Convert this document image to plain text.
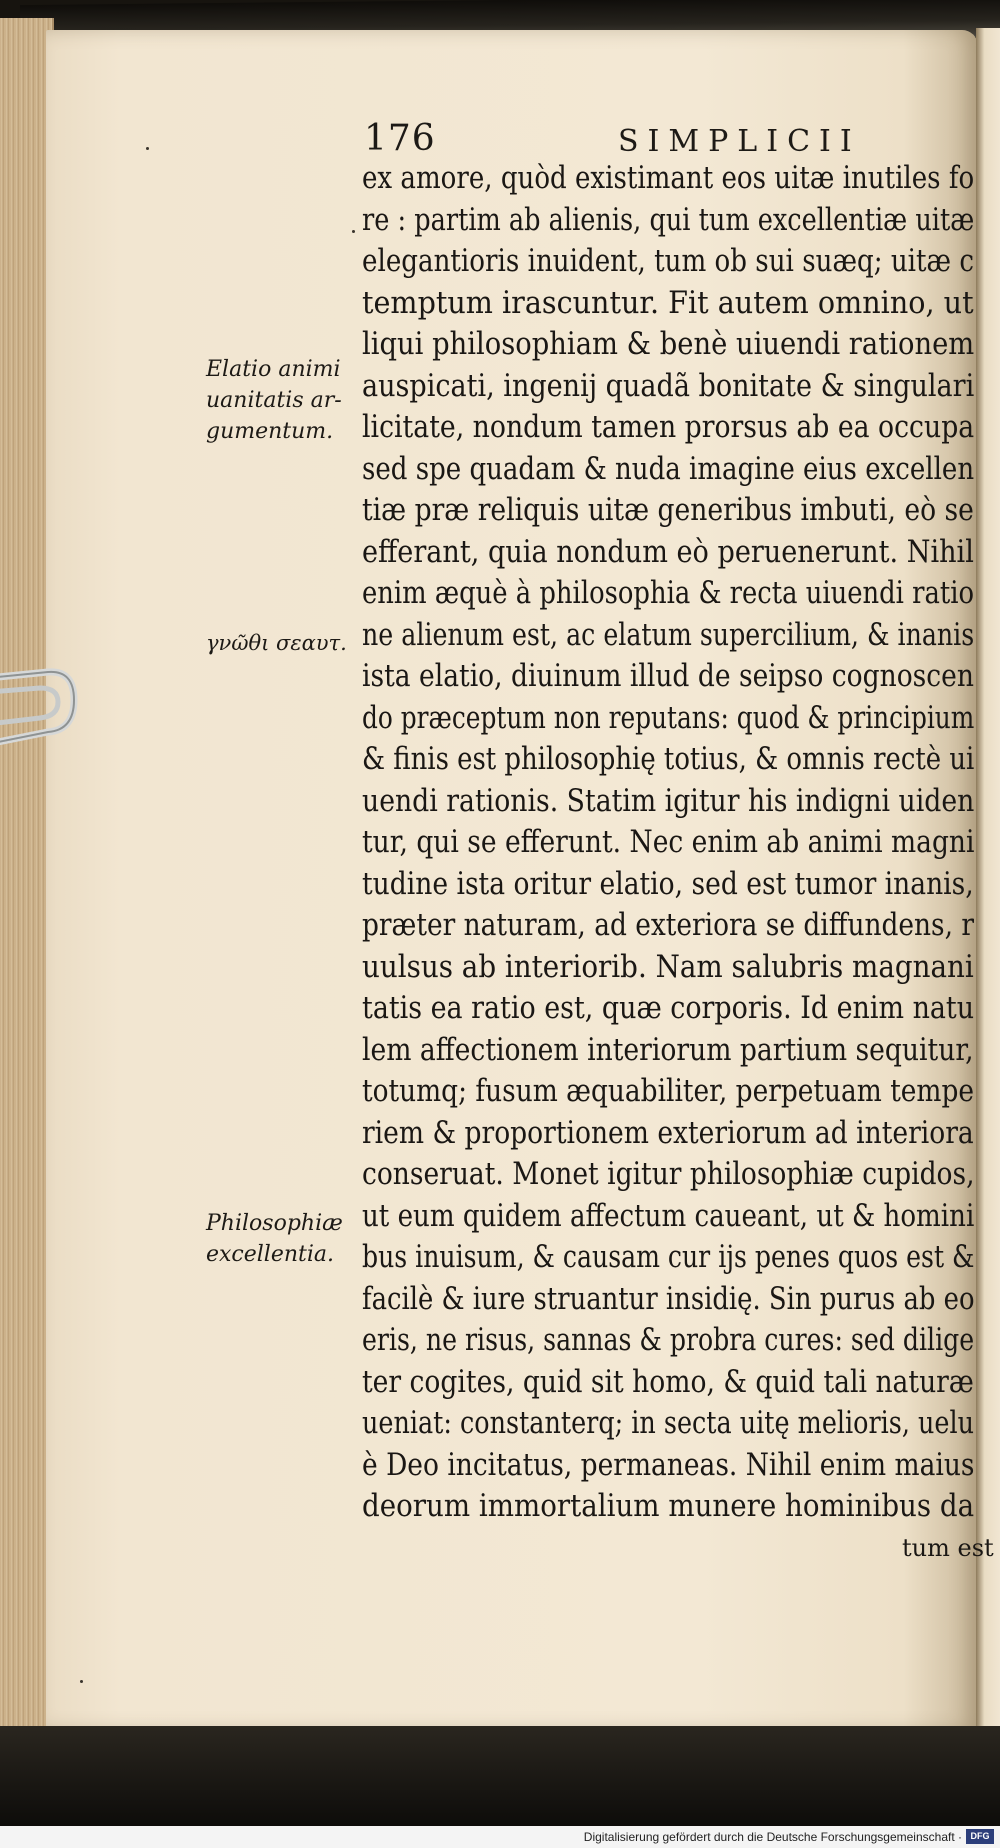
176	SIMPLICII
ex amore, quòd existimant eos uitæ inutiles fo
re : partim ab alienis, qui tum excellentiæ uitæ
elegantioris inuident, tum ob sui suæq; uitæ c
temptum irascuntur. Fit autem omnino, ut
liqui philosophiam & benè uiuendi rationem
auspicati, ingenij quadã bonitate & singulari
licitate, nondum tamen prorsus ab ea occupa
sed spe quadam & nuda imagine eius excellen
tiæ præ reliquis uitæ generibus imbuti, eò se
efferant, quia nondum eò peruenerunt. Nihil
enim æquè à philosophia & recta uiuendi ratio
ne alienum est, ac elatum supercilium, & inanis
ista elatio, diuinum illud de seipso cognoscen
do præceptum non reputans: quod & principium
& finis est philosophię totius, & omnis rectè ui
uendi rationis. Statim igitur his indigni uiden
tur, qui se efferunt. Nec enim ab animi magni
tudine ista oritur elatio, sed est tumor inanis,
præter naturam, ad exteriora se diffundens, r
uulsus ab interiorib. Nam salubris magnani
tatis ea ratio est, quæ corporis. Id enim natu
lem affectionem interiorum partium sequitur,
totumq; fusum æquabiliter, perpetuam tempe
riem & proportionem exteriorum ad interiora
conseruat. Monet igitur philosophiæ cupidos,
ut eum quidem affectum caueant, ut & homini
bus inuisum, & causam cur ijs penes quos est &
facilè & iure struantur insidię. Sin purus ab eo
eris, ne risus, sannas & probra cures: sed dilige
ter cogites, quid sit homo, & quid tali naturæ
ueniat: constanterq; in secta uitę melioris, uelu
è Deo incitatus, permaneas. Nihil enim maius
deorum immortalium munere hominibus da
tum est
Elatio animi
uanitatis ar-
gumentum.
γνῶθι σεαυτ.
Philosophiæ
excellentia.
Digitalisierung gefördert durch die Deutsche Forschungsgemeinschaft · DFG
